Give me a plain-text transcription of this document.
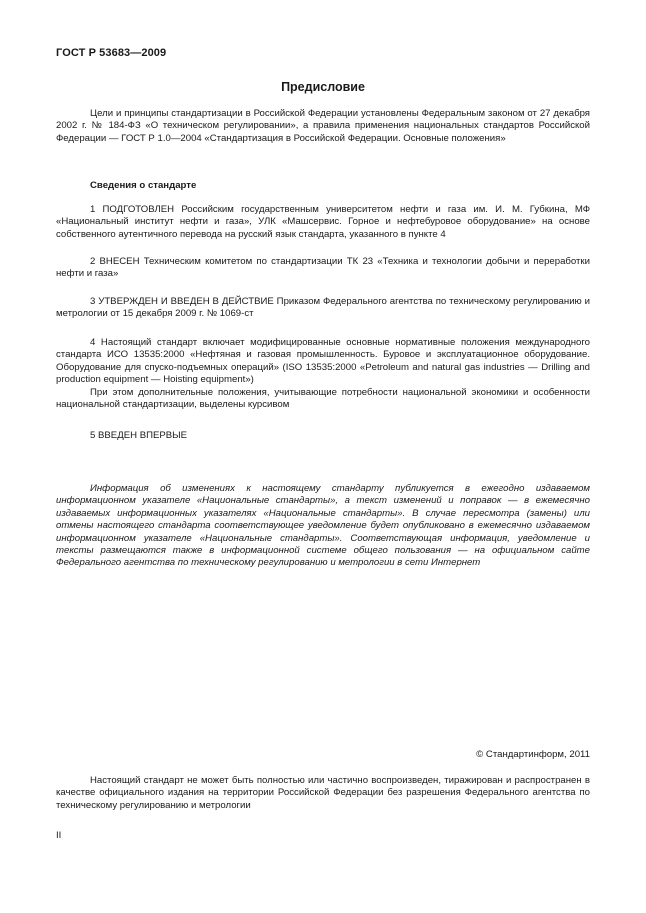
ГОСТ Р 53683—2009
Предисловие
Цели и принципы стандартизации в Российской Федерации установлены Федеральным законом от 27 декабря 2002 г. № 184-ФЗ «О техническом регулировании», а правила применения национальных стандартов Российской Федерации — ГОСТ Р 1.0—2004 «Стандартизация в Российской Федерации. Основные положения»
Сведения о стандарте
1 ПОДГОТОВЛЕН Российским государственным университетом нефти и газа им. И. М. Губкина, МФ «Национальный институт нефти и газа», УЛК «Машсервис. Горное и нефтебуровое оборудование» на основе собственного аутентичного перевода на русский язык стандарта, указанного в пункте 4
2 ВНЕСЕН Техническим комитетом по стандартизации ТК 23 «Техника и технологии добычи и переработки нефти и газа»
3 УТВЕРЖДЕН И ВВЕДЕН В ДЕЙСТВИЕ Приказом Федерального агентства по техническому регулированию и метрологии от 15 декабря 2009 г. № 1069-ст
4 Настоящий стандарт включает модифицированные основные нормативные положения международного стандарта ИСО 13535:2000 «Нефтяная и газовая промышленность. Буровое и эксплуатационное оборудование. Оборудование для спуско-подъемных операций» (ISO 13535:2000 «Petroleum and natural gas industries — Drilling and production equipment — Hoisting equipment»)
При этом дополнительные положения, учитывающие потребности национальной экономики и особенности национальной стандартизации, выделены курсивом
5 ВВЕДЕН ВПЕРВЫЕ
Информация об изменениях к настоящему стандарту публикуется в ежегодно издаваемом информационном указателе «Национальные стандарты», а текст изменений и поправок — в ежемесячно издаваемых информационных указателях «Национальные стандарты». В случае пересмотра (замены) или отмены настоящего стандарта соответствующее уведомление будет опубликовано в ежемесячно издаваемом информационном указателе «Национальные стандарты». Соответствующая информация, уведомление и тексты размещаются также в информационной системе общего пользования — на официальном сайте Федерального агентства по техническому регулированию и метрологии в сети Интернет
© Стандартинформ, 2011
Настоящий стандарт не может быть полностью или частично воспроизведен, тиражирован и распространен в качестве официального издания на территории Российской Федерации без разрешения Федерального агентства по техническому регулированию и метрологии
II
